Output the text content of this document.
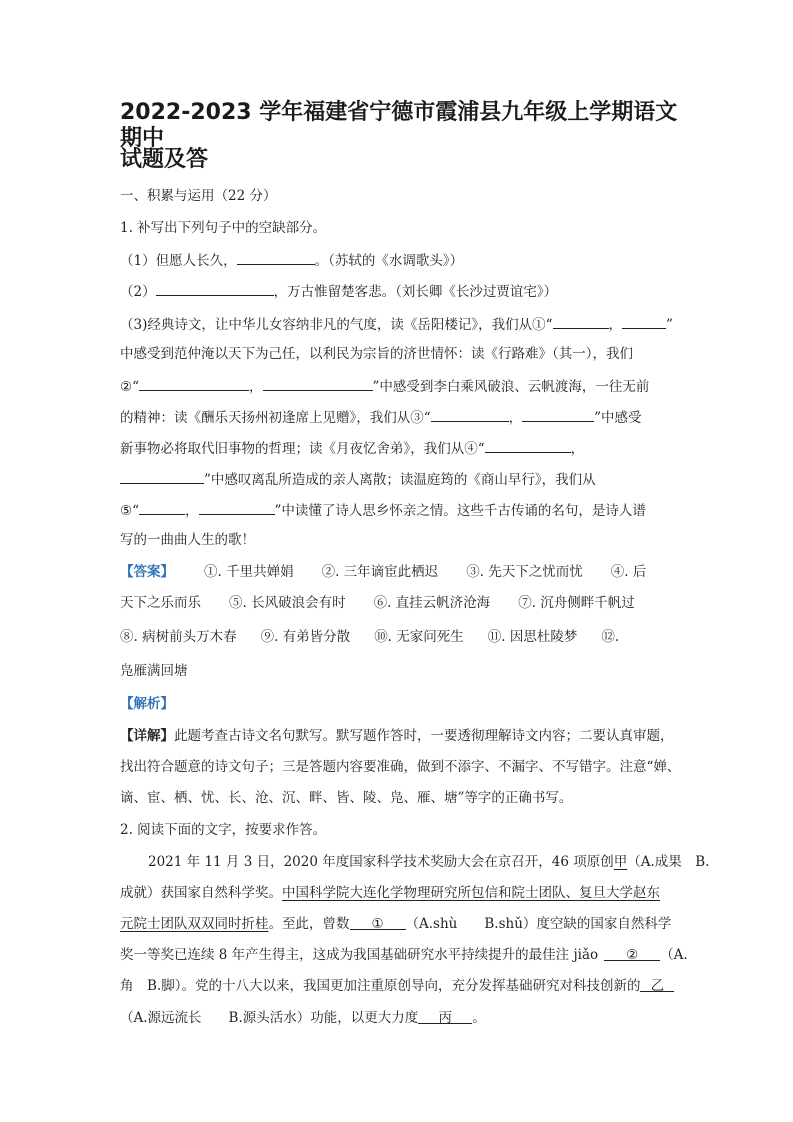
2022-2023 学年福建省宁德市霞浦县九年级上学期语文期中
试题及答
一、积累与运用（22 分）
1. 补写出下列句子中的空缺部分。
（1）但愿人长久，	。（苏轼的《水调歌头》）
（2）	，万古惟留楚客悲。（刘长卿《长沙过贾谊宅》）
（3)经典诗文，让中华儿女容纳非凡的气度，读《岳阳楼记》，我们从①“	，	”
中感受到范仲淹以天下为己任，以利民为宗旨的济世情怀：读《行路难》（其一），我们
②“	，	”中感受到李白乘风破浪、云帆渡海，一往无前
的精神：读《酬乐天扬州初逢席上见赠》，我们从③“	，	”中感受
新事物必将取代旧事物的哲理；读《月夜忆舍弟》，我们从④“	，
”中感叹离乱所造成的亲人离散；读温庭筠的《商山早行》，我们从
⑤“	，	”中读懂了诗人思乡怀亲之情。这些千古传诵的名句，是诗人谱
写的一曲曲人生的歌！
【答案】 ①. 千里共婵娟 ②. 三年谪宦此栖迟 ③. 先天下之忧而忧 ④. 后
天下之乐而乐 ⑤. 长风破浪会有时 ⑥. 直挂云帆济沧海 ⑦. 沉舟侧畔千帆过
⑧. 病树前头万木春 ⑨. 有弟皆分散 ⑩. 无家问死生 ⑪. 因思杜陵梦 ⑫.
凫雁满回塘
【解析】
【详解】此题考查古诗文名句默写。默写题作答时，一要透彻理解诗文内容；二要认真审题，
找出符合题意的诗文句子；三是答题内容要准确，做到不添字、不漏字、不写错字。注意“婵、
谪、宦、栖、忧、长、沧、沉、畔、皆、陵、凫、雁、塘”等字的正确书写。
2. 阅读下面的文字，按要求作答。
2021 年 11 月 3 日，2020 年度国家科学技术奖励大会在京召开，46 项原创甲（A.成果　B.
成就）获国家自然科学奖。中国科学院大连化学物理研究所包信和院士团队、复旦大学赵东
元院士团队双双同时折桂。至此，曾数 ① （A.shù　　B.shǔ）度空缺的国家自然科学
奖一等奖已连续 8 年产生得主，这成为我国基础研究水平持续提升的最佳注 jiǎo ② （A.
角　B.脚）。党的十八大以来，我国更加注重原创导向，充分发挥基础研究对科技创新的 乙
（A.源远流长　　B.源头活水）功能，以更大力度 丙 。
